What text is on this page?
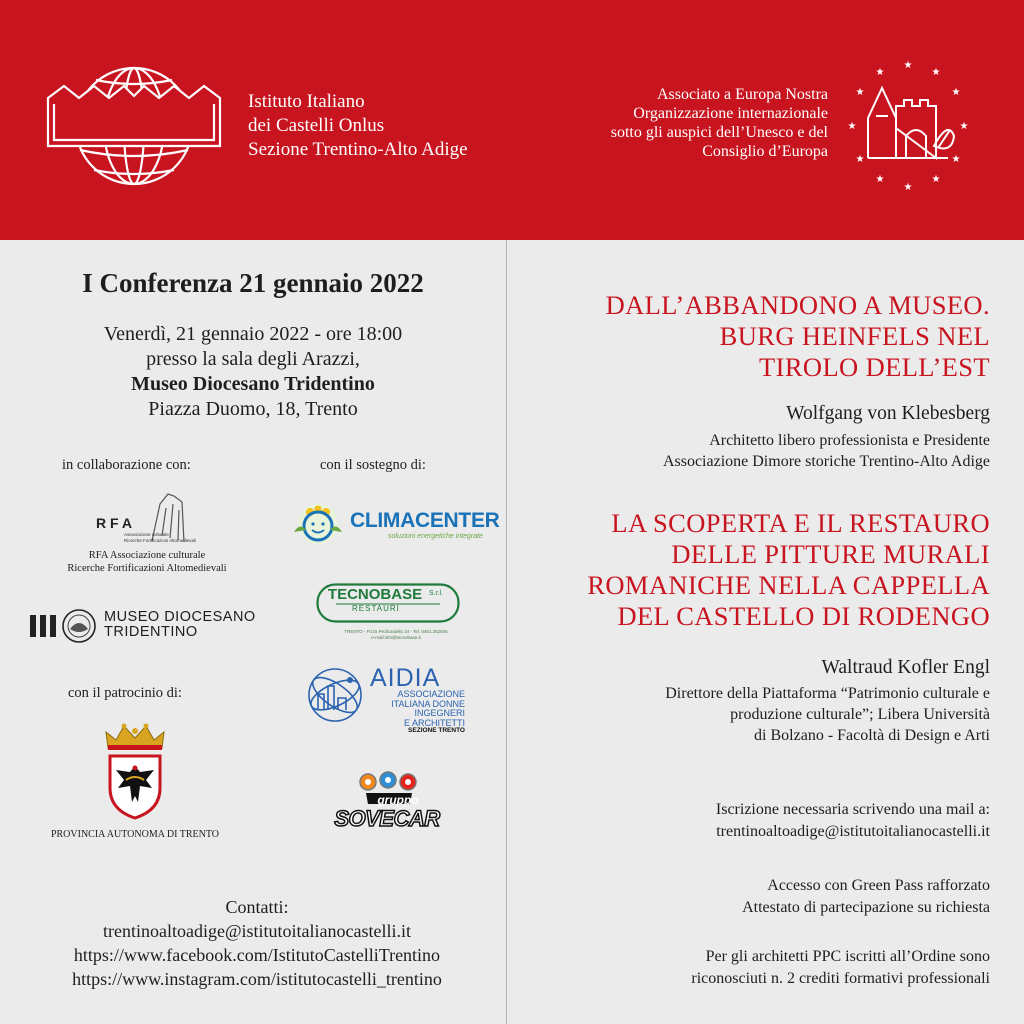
Istituto Italiano
dei Castelli Onlus
Sezione Trentino-Alto Adige
Associato a Europa Nostra
Organizzazione internazionale
sotto gli auspici dell’Unesco e del
Consiglio d’Europa
★
★
★
★
★
★
★
★
★
★
★
★
I Conferenza 21 gennaio 2022
Venerdì, 21 gennaio 2022 - ore 18:00
presso la sala degli Arazzi,
Museo Diocesano Tridentino
Piazza Duomo, 18, Trento
in collaborazione con:	con il sostegno di:
R F A
Associazione culturale
Ricerche Fortificazioni Altomedievali
RFA Associazione culturale
Ricerche Fortificazioni Altomedievali
MUSEO DIOCESANO
TRIDENTINO
con il patrocinio di:
PROVINCIA AUTONOMA DI TRENTO
CLIMACENTER
soluzioni energetiche integrate
TECNOBASE S.r.l.
RESTAURI
TRENTO - P.zza Pedicastello 34 - Tel. 0461.362846
e-mail:info@tecnobase.it
AIDIA
ASSOCIAZIONE
ITALIANA DONNE
INGEGNERI
E ARCHITETTI
SEZIONE TRENTO
gruppo
SOVECAR
Contatti:
trentinoaltoadige@istitutoitalianocastelli.it
https://www.facebook.com/IstitutoCastelliTrentino
https://www.instagram.com/istitutocastelli_trentino
DALL’ABBANDONO A MUSEO.
BURG HEINFELS NEL
TIROLO DELL’EST
Wolfgang von Klebesberg
Architetto libero professionista e Presidente
Associazione Dimore storiche Trentino-Alto Adige
LA SCOPERTA E IL RESTAURO
DELLE PITTURE MURALI
ROMANICHE NELLA CAPPELLA
DEL CASTELLO DI RODENGO
Waltraud Kofler Engl
Direttore della Piattaforma “Patrimonio culturale e
produzione culturale”; Libera Università
di Bolzano - Facoltà di Design e Arti
Iscrizione necessaria scrivendo una mail a:
trentinoaltoadige@istitutoitalianocastelli.it
Accesso con Green Pass rafforzato
Attestato di partecipazione su richiesta
Per gli architetti PPC iscritti all’Ordine sono
riconosciuti n. 2 crediti formativi professionali
